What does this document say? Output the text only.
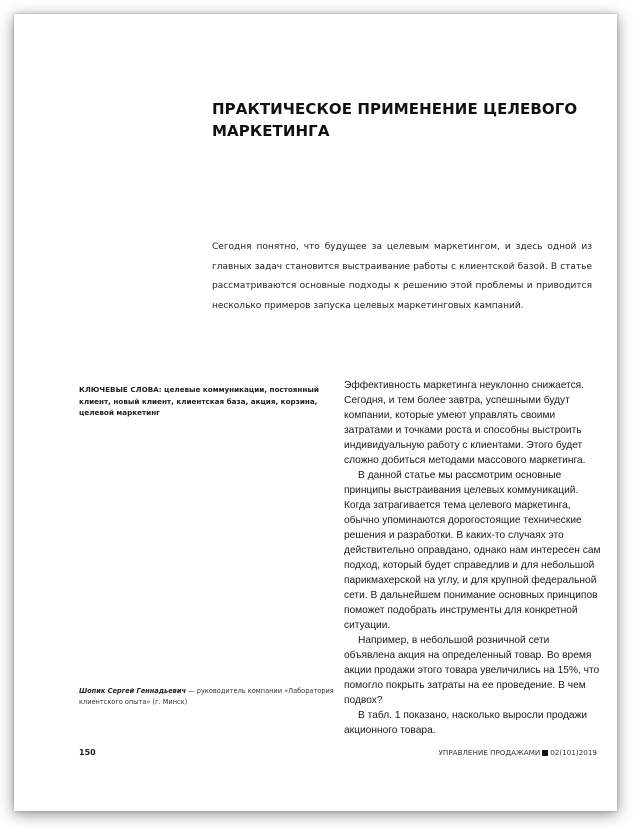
ПРАКТИЧЕСКОЕ ПРИМЕНЕНИЕ ЦЕЛЕВОГО МАРКЕТИНГА

Сегодня понятно, что будущее за целевым маркетингом, и здесь одной из главных задач становится выстраивание работы с клиентской базой. В статье рассматриваются основные подходы к решению этой проблемы и приводится несколько примеров запуска целевых маркетинговых кампаний.

КЛЮЧЕВЫЕ СЛОВА: целевые коммуникации, постоянный клиент, новый клиент, клиентская база, акция, корзина, целевой маркетинг

Эффективность маркетинга неуклонно снижается. Сегодня, и тем более завтра, успешными будут компании, которые умеют управлять своими затратами и точками роста и способны выстроить индивидуальную работу с клиентами. Этого будет сложно добиться методами массового маркетинга.

В данной статье мы рассмотрим основные принципы выстраивания целевых коммуникаций. Когда затрагивается тема целевого маркетинга, обычно упоминаются дорогостоящие технические решения и разработки. В каких-то случаях это действительно оправдано, однако нам интересен сам подход, который будет справедлив и для небольшой парикмахерской на углу, и для крупной федеральной сети. В дальнейшем понимание основных принципов поможет подобрать инструменты для конкретной ситуации.

Например, в небольшой розничной сети объявлена акция на определенный товар. Во время акции продажи этого товара увеличились на 15%, что помогло покрыть затраты на ее проведение. В чем подвох?

В табл. 1 показано, насколько выросли продажи акционного товара.

Шопик Сергей Геннадьевич — руководитель компании «Лаборатория клиентского опыта» (г. Минск)

150	УПРАВЛЕНИЕ ПРОДАЖАМИ 02(101)2019
